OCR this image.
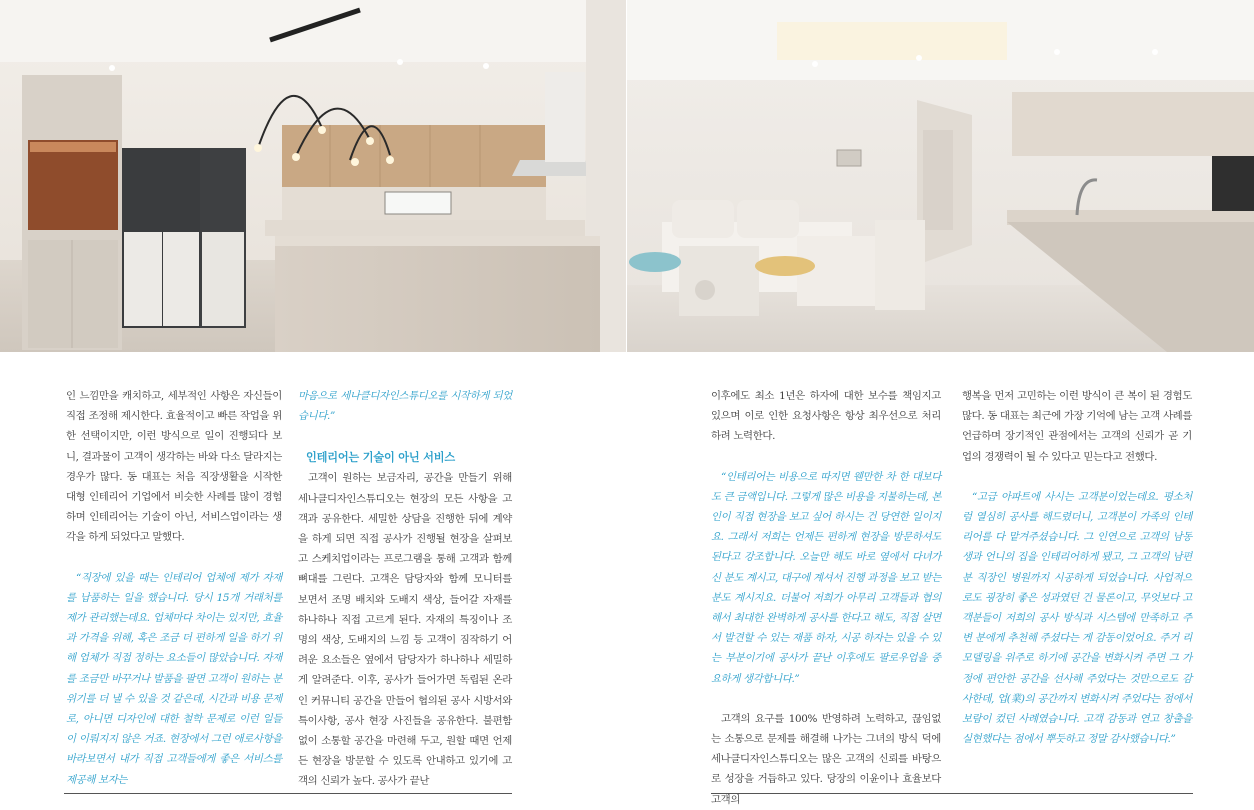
인 느낌만을 캐치하고, 세부적인 사항은 자신들이 직접 조정해 제시한다. 효율적이고 빠른 작업을 위한 선택이지만, 이런 방식으로 일이 진행되다 보니, 결과물이 고객이 생각하는 바와 다소 달라지는 경우가 많다. 동 대표는 처음 직장생활을 시작한 대형 인테리어 기업에서 비슷한 사례를 많이 경험하며 인테리어는 기술이 아닌, 서비스업이라는 생각을 하게 되었다고 말했다.

“직장에 있을 때는 인테리어 업체에 제가 자재를 납품하는 일을 했습니다. 당시 15개 거래처를 제가 관리했는데요. 업체마다 차이는 있지만, 효율과 가격을 위해, 혹은 조금 더 편하게 일을 하기 위해 업체가 직접 정하는 요소들이 많았습니다. 자재를 조금만 바꾸거나 발품을 팔면 고객이 원하는 분위기를 더 낼 수 있을 것 같은데, 시간과 비용 문제로, 아니면 디자인에 대한 철학 문제로 이런 일들이 이뤄지지 않은 거죠. 현장에서 그런 애로사항을 바라보면서 내가 직접 고객들에게 좋은 서비스를 제공해 보자는

마음으로 세나클디자인스튜디오를 시작하게 되었습니다.”

인테리어는 기술이 아닌 서비스

고객이 원하는 보금자리, 공간을 만들기 위해 세나클디자인스튜디오는 현장의 모든 사항을 고객과 공유한다. 세밀한 상담을 진행한 뒤에 계약을 하게 되면 직접 공사가 진행될 현장을 살펴보고 스케치업이라는 프로그램을 통해 고객과 함께 뼈대를 그린다. 고객은 담당자와 함께 모니터를 보면서 조명 배치와 도배지 색상, 들어갈 자재를 하나하나 직접 고르게 된다. 자재의 특징이나 조명의 색상, 도배지의 느낌 등 고객이 짐작하기 어려운 요소들은 옆에서 담당자가 하나하나 세밀하게 알려준다. 이후, 공사가 들어가면 독립된 온라인 커뮤니티 공간을 만들어 협의된 공사 시방서와 특이사항, 공사 현장 사진들을 공유한다. 불편함 없이 소통할 공간을 마련해 두고, 원할 때면 언제든 현장을 방문할 수 있도록 안내하고 있기에 고객의 신뢰가 높다. 공사가 끝난

이후에도 최소 1년은 하자에 대한 보수를 책임지고 있으며 이로 인한 요청사항은 항상 최우선으로 처리하려 노력한다.

“인테리어는 비용으로 따지면 웬만한 차 한 대보다도 큰 금액입니다. 그렇게 많은 비용을 지불하는데, 본인이 직접 현장을 보고 싶어 하시는 건 당연한 일이지요. 그래서 저희는 언제든 편하게 현장을 방문하셔도 된다고 강조합니다. 오늘만 해도 바로 옆에서 다녀가신 분도 계시고, 대구에 계셔서 진행 과정을 보고 받는 분도 계시지요. 더불어 저희가 아무리 고객들과 협의해서 최대한 완벽하게 공사를 한다고 해도, 직접 살면서 발견할 수 있는 재품 하자, 시공 하자는 있을 수 있는 부분이기에 공사가 끝난 이후에도 팔로우업을 중요하게 생각합니다.”

고객의 요구를 100% 반영하려 노력하고, 끊임없는 소통으로 문제를 해결해 나가는 그녀의 방식 덕에 세나클디자인스튜디오는 많은 고객의 신뢰를 바탕으로 성장을 거듭하고 있다. 당장의 이윤이나 효율보다 고객의

행복을 먼저 고민하는 이런 방식이 큰 복이 된 경험도 많다. 동 대표는 최근에 가장 기억에 남는 고객 사례를 언급하며 장기적인 관점에서는 고객의 신뢰가 곧 기업의 경쟁력이 될 수 있다고 믿는다고 전했다.

“고급 아파트에 사시는 고객분이었는데요. 평소처럼 열심히 공사를 해드렸더니, 고객분이 가족의 인테리어를 다 맡겨주셨습니다. 그 인연으로 고객의 남동생과 언니의 집을 인테리어하게 됐고, 그 고객의 남편분 직장인 병원까지 시공하게 되었습니다. 사업적으로도 굉장히 좋은 성과였던 건 물론이고, 무엇보다 고객분들이 저희의 공사 방식과 시스템에 만족하고 주변 분에게 추천해 주셨다는 게 감동이었어요. 주거 리모델링을 위주로 하기에 공간을 변화시켜 주면 그 가정에 편안한 공간을 선사해 주었다는 것만으로도 감사한데, 업(業)의 공간까지 변화시켜 주었다는 점에서 보람이 컸던 사례였습니다. 고객 감동과 연고 창출을 실현했다는 점에서 뿌듯하고 정말 감사했습니다.”
